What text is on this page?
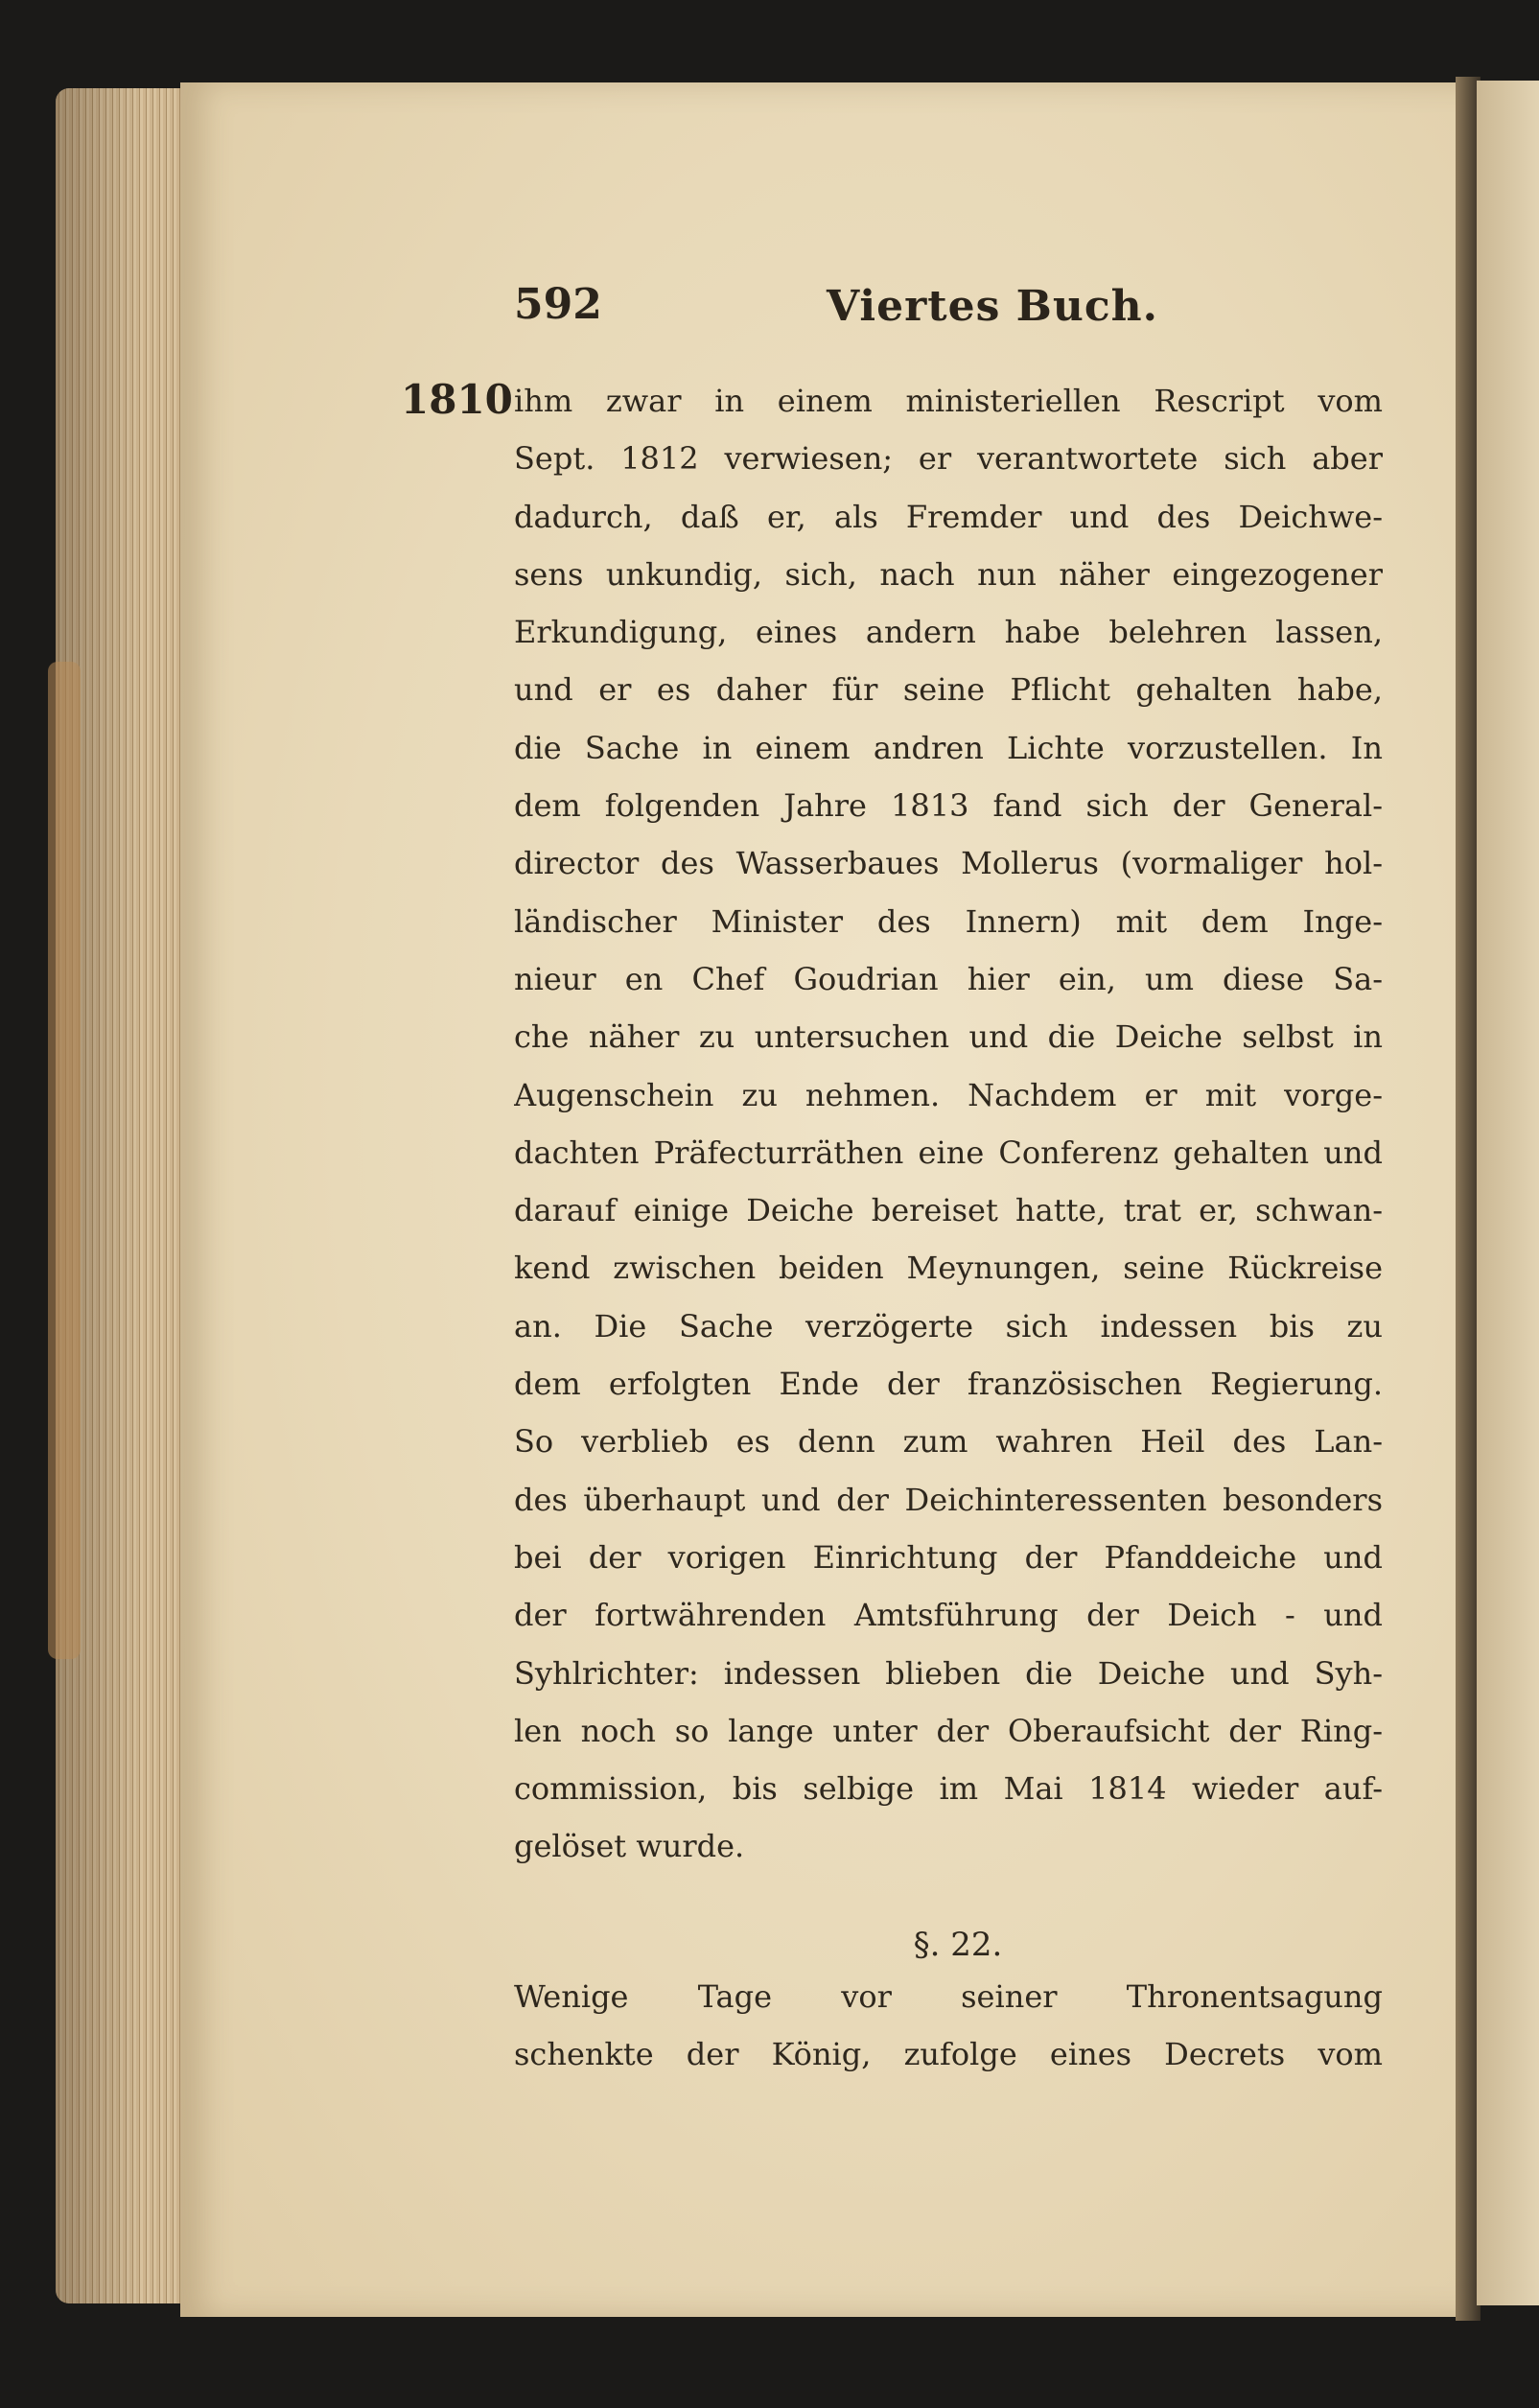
592	Viertes Buch.
1810 ihm zwar in einem ministeriellen Rescript vom
Sept. 1812 verwiesen; er verantwortete sich aber
dadurch, daß er, als Fremder und des Deichwe-
sens unkundig, sich, nach nun näher eingezogener
Erkundigung, eines andern habe belehren lassen,
und er es daher für seine Pflicht gehalten habe,
die Sache in einem andren Lichte vorzustellen. In
dem folgenden Jahre 1813 fand sich der General-
director des Wasserbaues Mollerus (vormaliger hol-
ländischer Minister des Innern) mit dem Inge-
nieur en Chef Goudrian hier ein, um diese Sa-
che näher zu untersuchen und die Deiche selbst in
Augenschein zu nehmen. Nachdem er mit vorge-
dachten Präfecturräthen eine Conferenz gehalten und
darauf einige Deiche bereiset hatte, trat er, schwan-
kend zwischen beiden Meynungen, seine Rückreise
an. Die Sache verzögerte sich indessen bis zu
dem erfolgten Ende der französischen Regierung.
So verblieb es denn zum wahren Heil des Lan-
des überhaupt und der Deichinteressenten besonders
bei der vorigen Einrichtung der Pfanddeiche und
der fortwährenden Amtsführung der Deich - und
Syhlrichter: indessen blieben die Deiche und Syh-
len noch so lange unter der Oberaufsicht der Ring-
commission, bis selbige im Mai 1814 wieder auf-
gelöset wurde.
§. 22.
Wenige Tage vor seiner Thronentsagung
schenkte der König, zufolge eines Decrets vom
